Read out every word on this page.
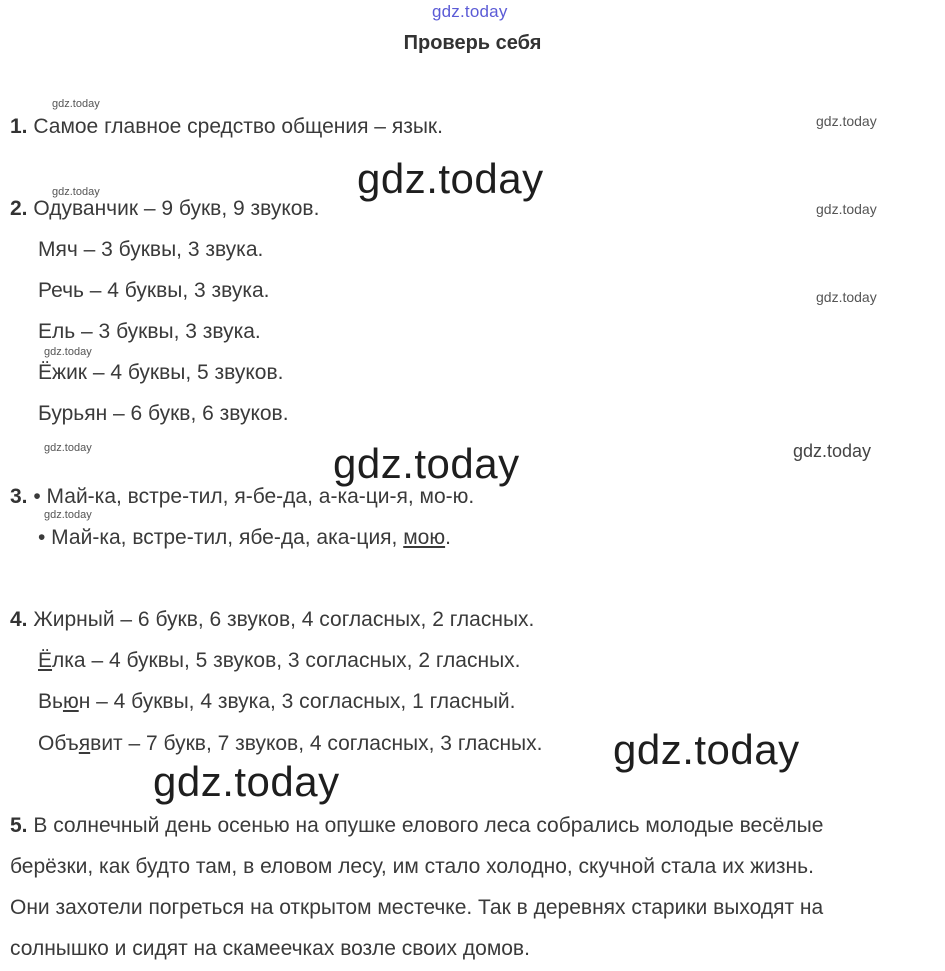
gdz.today
Проверь себя
1. Самое главное средство общения – язык.
2. Одуванчик – 9 букв, 9 звуков.
Мяч – 3 буквы, 3 звука.
Речь – 4 буквы, 3 звука.
Ель – 3 буквы, 3 звука.
Ёжик – 4 буквы, 5 звуков.
Бурьян – 6 букв, 6 звуков.
3. • Май-ка, встре-тил, я-бе-да, а-ка-ци-я, мо-ю.
• Май-ка, встре-тил, ябе-да, ака-ция, мою.
4. Жирный – 6 букв, 6 звуков, 4 согласных, 2 гласных.
Ёлка – 4 буквы, 5 звуков, 3 согласных, 2 гласных.
Вьюн – 4 буквы, 4 звука, 3 согласных, 1 гласный.
Объявит – 7 букв, 7 звуков, 4 согласных, 3 гласных.
5. В солнечный день осенью на опушке елового леса собрались молодые весёлые
берёзки, как будто там, в еловом лесу, им стало холодно, скучной стала их жизнь.
Они захотели погреться на открытом местечке. Так в деревнях старики выходят на
солнышко и сидят на скамеечках возле своих домов.
gdz.today
gdz.today
gdz.today
gdz.today
gdz.today
gdz.today
gdz.today
gdz.today
gdz.today
gdz.today
gdz.today
gdz.today
gdz.today
